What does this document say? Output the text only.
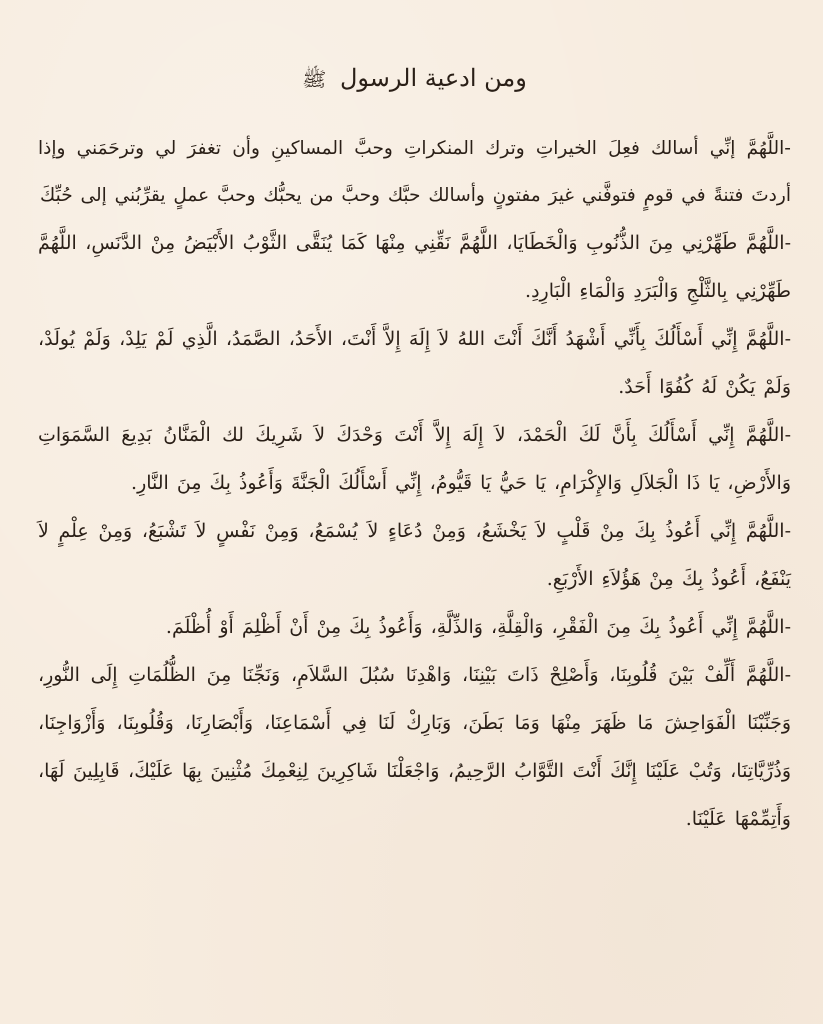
ومن ادعية الرسول ﷺ

-اللَّهُمَّ إنِّي أسالك فعِلَ الخيراتِ وترك المنكراتِ وحبَّ المساكينِ وأن تغفرَ لي وترحَمَني وإذا أردتَ فتنةً في قومٍ فتوفَّني غيرَ مفتونٍ وأسالك حبَّك وحبَّ من يحبُّك وحبَّ عملٍ يقرِّبُني إلى حُبِّكَ

-اللَّهُمَّ طَهِّرْنِي مِنَ الذُّنُوبِ وَالْخَطَايَا، اللَّهُمَّ نَقِّنِي مِنْهَا كَمَا يُنَقَّى الثَّوْبُ الأَبْيَضُ مِنْ الدَّنَسِ، اللَّهُمَّ طَهِّرْنِي بِالثَّلْجِ وَالْبَرَدِ وَالْمَاءِ الْبَارِدِ.

-اللَّهُمَّ إِنِّي أَسْأَلُكَ بِأَنِّي أَشْهَدُ أَنَّكَ أَنْتَ اللهُ لاَ إِلَهَ إِلاَّ أَنْتَ، الأَحَدُ، الصَّمَدُ، الَّذِي لَمْ يَلِدْ، وَلَمْ يُولَدْ، وَلَمْ يَكُنْ لَهُ كُفُوًا أَحَدٌ.

-اللَّهُمَّ إِنِّي أَسْأَلُكَ بِأَنَّ لَكَ الْحَمْدَ، لاَ إِلَهَ إِلاَّ أَنْتَ وَحْدَكَ لاَ شَرِيكَ لك الْمَنَّانُ بَدِيعَ السَّمَوَاتِ وَالأَرْضِ، يَا ذَا الْجَلاَلِ وَالإِكْرَامِ، يَا حَيُّ يَا قَيُّومُ، إِنِّي أَسْأَلُكَ الْجَنَّةَ وَأَعُوذُ بِكَ مِنَ النَّارِ.

-اللَّهُمَّ إِنِّي أَعُوذُ بِكَ مِنْ قَلْبٍ لاَ يَخْشَعُ، وَمِنْ دُعَاءٍ لاَ يُسْمَعُ، وَمِنْ نَفْسٍ لاَ تَشْبَعُ، وَمِنْ عِلْمٍ لاَ يَنْفَعُ، أَعُوذُ بِكَ مِنْ هَؤُلاَءِ الأَرْبَعِ.

-اللَّهُمَّ إِنِّي أَعُوذُ بِكَ مِنَ الْفَقْرِ، وَالْقِلَّةِ، وَالذِّلَّةِ، وَأَعُوذُ بِكَ مِنْ أَنْ أَظْلِمَ أَوْ أُظْلَمَ.

-اللَّهُمَّ أَلِّفْ بَيْنَ قُلُوبِنَا، وَأَصْلِحْ ذَاتَ بَيْنِنَا، وَاهْدِنَا سُبُلَ السَّلاَمِ، وَنَجِّنَا مِنَ الظُّلُمَاتِ إِلَى النُّورِ، وَجَنِّبْنَا الْفَوَاحِشَ مَا ظَهَرَ مِنْهَا وَمَا بَطَنَ، وَبَارِكْ لَنَا فِي أَسْمَاعِنَا، وَأَبْصَارِنَا، وَقُلُوبِنَا، وَأَزْوَاجِنَا، وَذُرِّيَّاتِنَا، وَتُبْ عَلَيْنَا إِنَّكَ أَنْتَ التَّوَّابُ الرَّحِيمُ، وَاجْعَلْنَا شَاكِرِينَ لِنِعْمِكَ مُثْنِينَ بِهَا عَلَيْكَ، قَابِلِينَ لَهَا، وَأَتِمِّمْهَا عَلَيْنَا.
